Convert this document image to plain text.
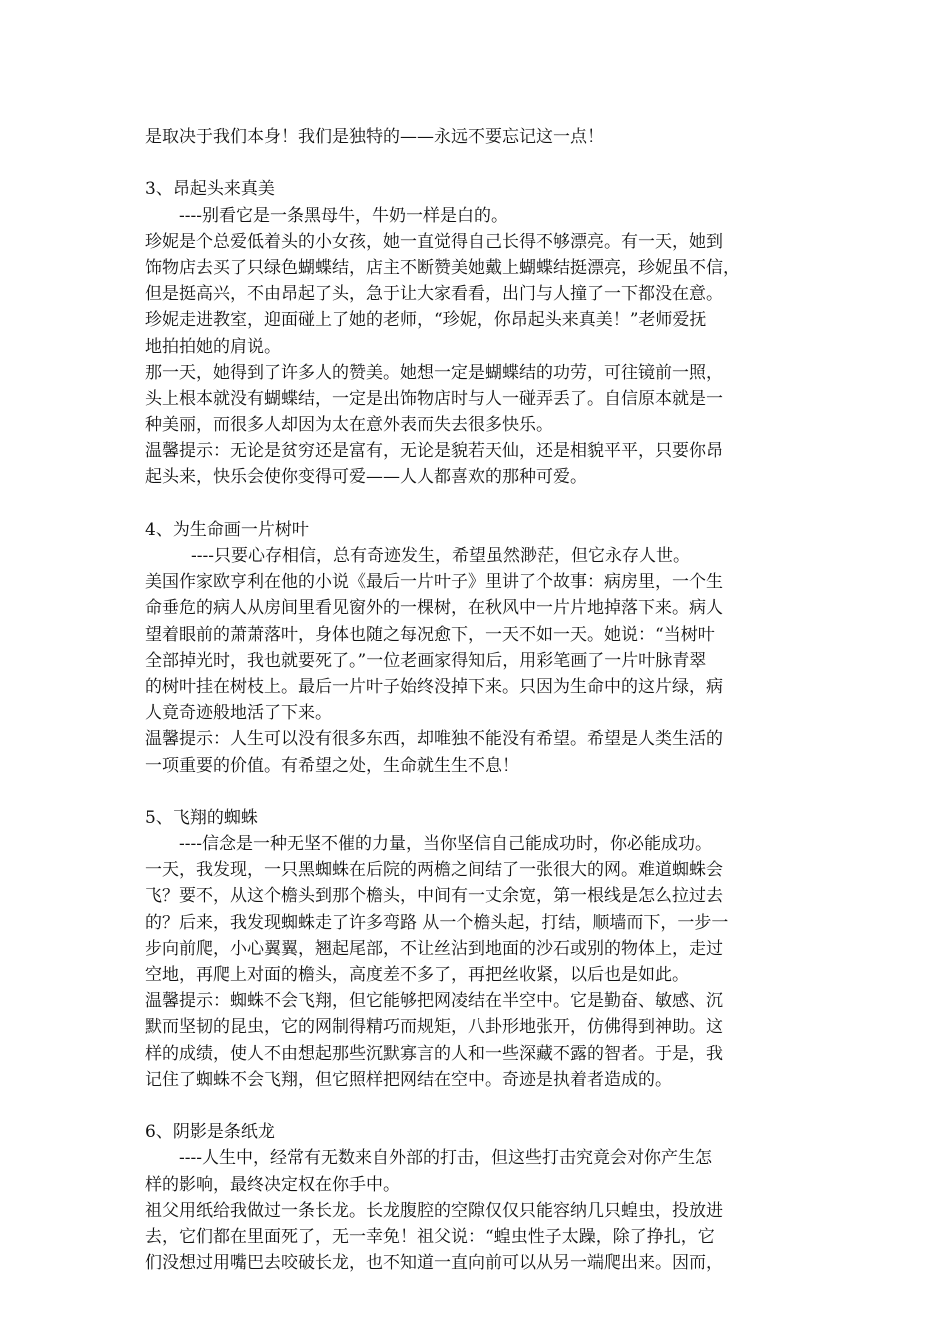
是取决于我们本身！我们是独特的——永远不要忘记这一点！
3、昂起头来真美
----别看它是一条黑母牛，牛奶一样是白的。
珍妮是个总爱低着头的小女孩，她一直觉得自己长得不够漂亮。有一天，她到
饰物店去买了只绿色蝴蝶结，店主不断赞美她戴上蝴蝶结挺漂亮，珍妮虽不信，
但是挺高兴，不由昂起了头，急于让大家看看，出门与人撞了一下都没在意。
珍妮走进教室，迎面碰上了她的老师，“珍妮，你昂起头来真美！”老师爱抚
地拍拍她的肩说。
那一天，她得到了许多人的赞美。她想一定是蝴蝶结的功劳，可往镜前一照，
头上根本就没有蝴蝶结，一定是出饰物店时与人一碰弄丢了。自信原本就是一
种美丽，而很多人却因为太在意外表而失去很多快乐。
温馨提示：无论是贫穷还是富有，无论是貌若天仙，还是相貌平平，只要你昂
起头来，快乐会使你变得可爱——人人都喜欢的那种可爱。
4、为生命画一片树叶
----只要心存相信，总有奇迹发生，希望虽然渺茫，但它永存人世。
美国作家欧亨利在他的小说《最后一片叶子》里讲了个故事：病房里，一个生
命垂危的病人从房间里看见窗外的一棵树，在秋风中一片片地掉落下来。病人
望着眼前的萧萧落叶，身体也随之每况愈下，一天不如一天。她说：“当树叶
全部掉光时，我也就要死了。”一位老画家得知后，用彩笔画了一片叶脉青翠
的树叶挂在树枝上。最后一片叶子始终没掉下来。只因为生命中的这片绿，病
人竟奇迹般地活了下来。
温馨提示：人生可以没有很多东西，却唯独不能没有希望。希望是人类生活的
一项重要的价值。有希望之处，生命就生生不息！
5、飞翔的蜘蛛
----信念是一种无坚不催的力量，当你坚信自己能成功时，你必能成功。
一天，我发现，一只黑蜘蛛在后院的两檐之间结了一张很大的网。难道蜘蛛会
飞？要不，从这个檐头到那个檐头，中间有一丈余宽，第一根线是怎么拉过去
的？后来，我发现蜘蛛走了许多弯路 从一个檐头起，打结，顺墙而下，一步一
步向前爬，小心翼翼，翘起尾部，不让丝沾到地面的沙石或别的物体上，走过
空地，再爬上对面的檐头，高度差不多了，再把丝收紧，以后也是如此。
温馨提示：蜘蛛不会飞翔，但它能够把网凌结在半空中。它是勤奋、敏感、沉
默而坚韧的昆虫，它的网制得精巧而规矩，八卦形地张开，仿佛得到神助。这
样的成绩，使人不由想起那些沉默寡言的人和一些深藏不露的智者。于是，我
记住了蜘蛛不会飞翔，但它照样把网结在空中。奇迹是执着者造成的。
6、阴影是条纸龙
----人生中，经常有无数来自外部的打击，但这些打击究竟会对你产生怎
样的影响，最终决定权在你手中。
祖父用纸给我做过一条长龙。长龙腹腔的空隙仅仅只能容纳几只蝗虫，投放进
去，它们都在里面死了，无一幸免！祖父说：“蝗虫性子太躁，除了挣扎，它
们没想过用嘴巴去咬破长龙，也不知道一直向前可以从另一端爬出来。因而，
